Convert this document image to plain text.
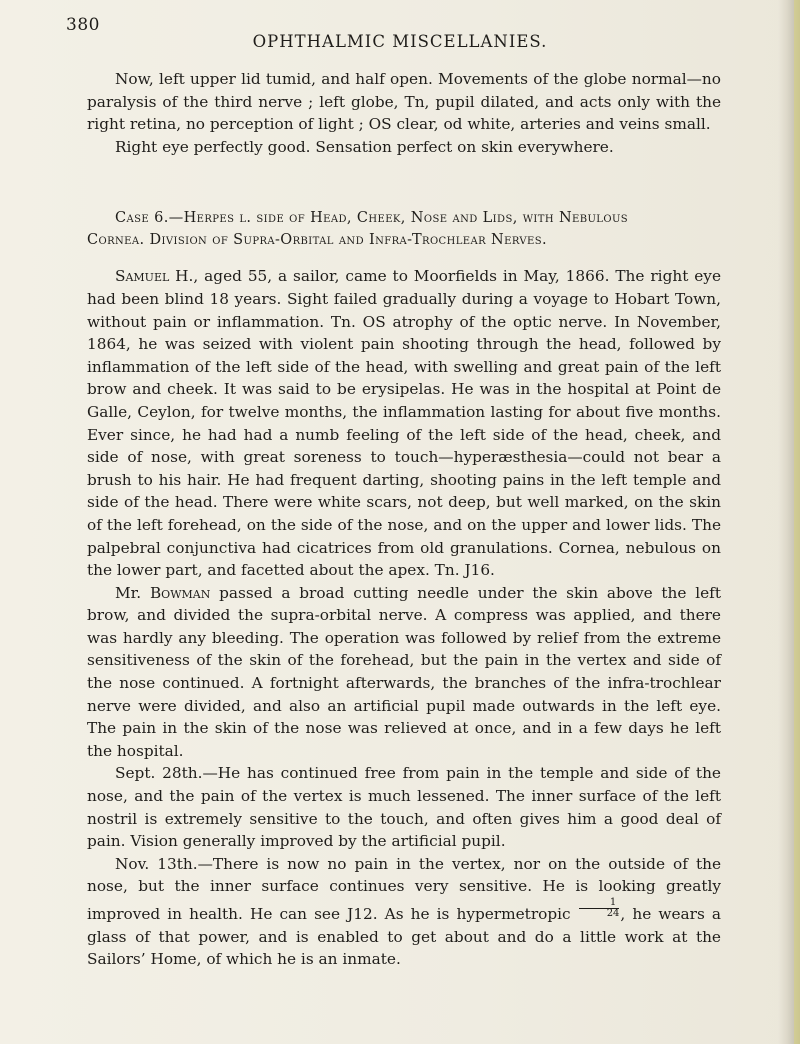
380
OPHTHALMIC MISCELLANIES.

Now, left upper lid tumid, and half open. Movements of the globe normal—no paralysis of the third nerve ; left globe, Tn, pupil dilated, and acts only with the right retina, no perception of light ; OS clear, od white, arteries and veins small.

Right eye perfectly good. Sensation perfect on skin everywhere.

Case 6.—Herpes l. side of Head, Cheek, Nose and Lids, with Nebulous
Cornea. Division of Supra-Orbital and Infra-Trochlear Nerves.

Samuel H., aged 55, a sailor, came to Moorfields in May, 1866. The right eye had been blind 18 years. Sight failed gradually during a voyage to Hobart Town, without pain or inflammation. Tn. OS atrophy of the optic nerve. In November, 1864, he was seized with violent pain shooting through the head, followed by inflammation of the left side of the head, with swelling and great pain of the left brow and cheek. It was said to be erysipelas. He was in the hospital at Point de Galle, Ceylon, for twelve months, the inflammation lasting for about five months. Ever since, he had had a numb feeling of the left side of the head, cheek, and side of nose, with great soreness to touch—hyperæsthesia—could not bear a brush to his hair. He had frequent darting, shooting pains in the left temple and side of the head. There were white scars, not deep, but well marked, on the skin of the left forehead, on the side of the nose, and on the upper and lower lids. The palpebral conjunctiva had cicatrices from old granulations. Cornea, nebulous on the lower part, and facetted about the apex. Tn. J16.

Mr. Bowman passed a broad cutting needle under the skin above the left brow, and divided the supra-orbital nerve. A compress was applied, and there was hardly any bleeding. The operation was followed by relief from the extreme sensitiveness of the skin of the forehead, but the pain in the vertex and side of the nose continued. A fortnight afterwards, the branches of the infra-trochlear nerve were divided, and also an artificial pupil made outwards in the left eye. The pain in the skin of the nose was relieved at once, and in a few days he left the hospital.

Sept. 28th.—He has continued free from pain in the temple and side of the nose, and the pain of the vertex is much lessened. The inner surface of the left nostril is extremely sensitive to the touch, and often gives him a good deal of pain. Vision generally improved by the artificial pupil.

Nov. 13th.—There is now no pain in the vertex, nor on the outside of the nose, but the inner surface continues very sensitive. He is looking greatly improved in health. He can see J12. As he is hypermetropic $\frac{1}{24}$ , he wears a glass of that power, and is enabled to get about and do a little work at the Sailors’ Home, of which he is an inmate.
